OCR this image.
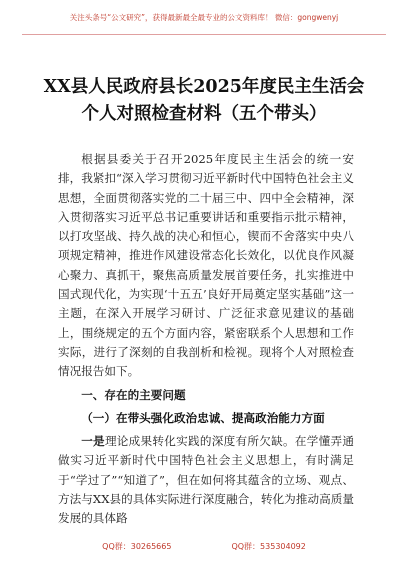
关注头条号“公文研究”，获得最新最全最专业的公文资料库！ 微信：gongwenyj
XX县人民政府县长2025年度民主生活会
个人对照检查材料（五个带头）

根据县委关于召开2025年度民主生活会的统一安排，我紧扣“深入学习贯彻习近平新时代中国特色社会主义思想，全面贯彻落实党的二十届三中、四中全会精神，深入贯彻落实习近平总书记重要讲话和重要指示批示精神，以打攻坚战、持久战的决心和恒心，锲而不舍落实中央八项规定精神，推进作风建设常态化长效化，以优良作风凝心聚力、真抓干，聚焦高质量发展首要任务，扎实推进中国式现代化，为实现‘十五五’良好开局奠定坚实基础”这一主题，在深入开展学习研讨、广泛征求意见建议的基础上，围绕规定的五个方面内容，紧密联系个人思想和工作实际，进行了深刻的自我剖析和检视。现将个人对照检查情况报告如下。

一、存在的主要问题
（一）在带头强化政治忠诚、提高政治能力方面

一是理论成果转化实践的深度有所欠缺。在学懂弄通做实习近平新时代中国特色社会主义思想上，有时满足于“学过了”“知道了”，但在如何将其蕴含的立场、观点、方法与XX县的具体实际进行深度融合，转化为推动高质量发展的具体路

QQ群：30265665	QQ群：535304092
